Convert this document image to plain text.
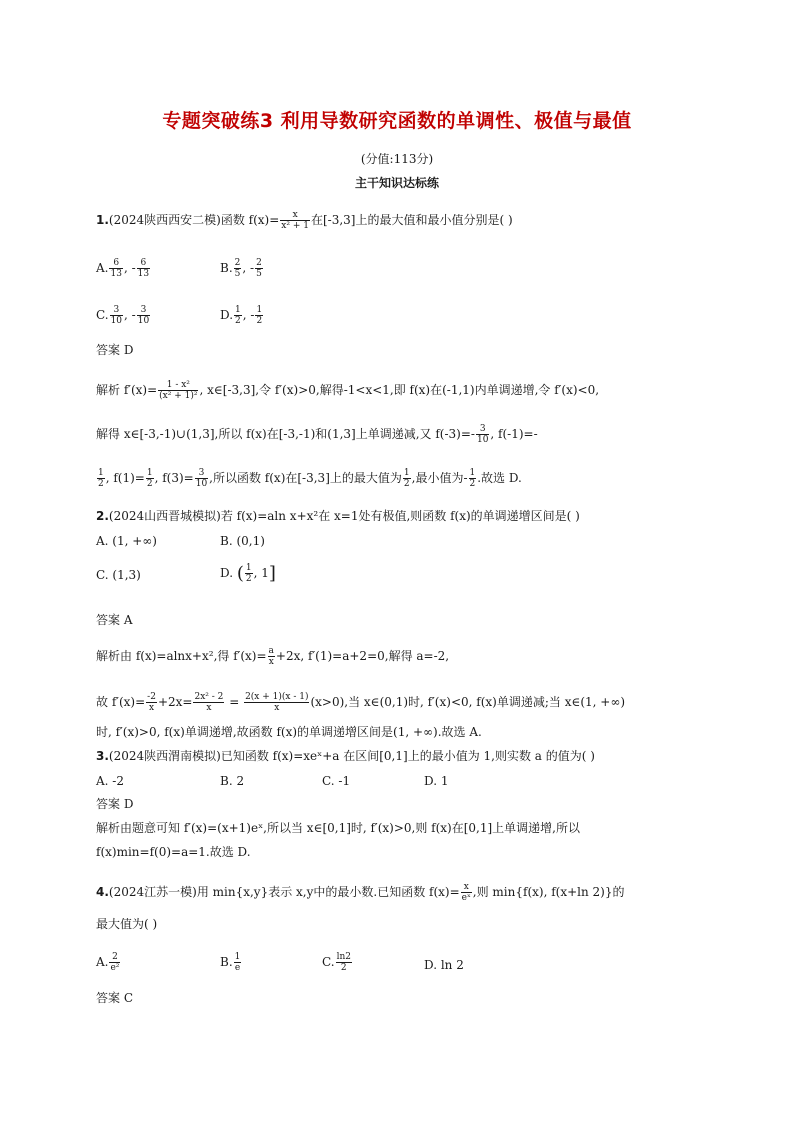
专题突破练3 利用导数研究函数的单调性、极值与最值
(分值:113分)
主干知识达标练
1.(2024陕西西安二模)函数 $f(x)= \frac{x}{\text{x² + 1}}$ 在[-3,3]上的最大值和最小值分别是( )
A. $\frac{6}{13}$ , - $\frac{6}{13}$	B. $\frac{2}{5}$ , - $\frac{2}{5}$
C. $\frac{3}{10}$ , - $\frac{3}{10}$	D. $\frac{1}{2}$ , - $\frac{1}{2}$
答案 D
解析 $f'(x)= \frac{\text{1 - x²}}{\text{(x² + 1)²}}$ , x∈[-3,3],令 f′(x)>0,解得-1<x<1,即 f(x)在(-1,1)内单调递增,令 f′(x)<0,
解得 x∈[-3,-1)∪(1,3],所以 f(x)在[-3,-1)和(1,3]上单调递减,又 $f(-3)=- \frac{3}{10}$ , f(-1)=-
$\frac{1}{2}$ , $f(1)= \frac{1}{2}$ , $f(3)= \frac{3}{10}$ ,所以函数 f(x)在[-3,3]上的最大值为 $\frac{1}{2}$ ,最小值为- $\frac{1}{2}$ .故选 D.
2.(2024山西晋城模拟)若 f(x)=aln x+x²在 x=1处有极值,则函数 f(x)的单调递增区间是( )
A. (1, +∞)	B. (0,1)
C. (1,3)	D. ( $\frac{1}{2}$ , 1]
答案 A
解析由 f(x)=alnx+x²,得 $f'(x)= \frac{a}{x} +2x$, f′(1)=a+2=0,解得 a=-2,
故 $f'(x)= \frac{-2}{x} +2x= \frac{\text{2x² - 2}}{x} = \frac{2(x + 1)(x - 1)}{x} (x>0)$,当 x∈(0,1)时, f′(x)<0, f(x)单调递减;当 x∈(1, +∞)
时, f′(x)>0, f(x)单调递增,故函数 f(x)的单调递增区间是(1, +∞).故选 A.
3.(2024陕西渭南模拟)已知函数 f(x)=xeˣ+a 在区间[0,1]上的最小值为 1,则实数 a 的值为( )
A. -2	B. 2	C. -1	D. 1
答案 D
解析由题意可知 f′(x)=(x+1)eˣ,所以当 x∈[0,1]时, f′(x)>0,则 f(x)在[0,1]上单调递增,所以
f(x)min=f(0)=a=1.故选 D.
4.(2024江苏一模)用 min{x,y}表示 x,y中的最小数.已知函数 $f(x)= \frac{x}{\text{eˣ}}$ ,则 min{f(x), f(x+ln 2)}的
最大值为( )
A. $\frac{2}{\text{e²}}$	B. $\frac{1}{e}$	C. $\frac{\ln 2}{2}$	D. ln 2
答案 C
